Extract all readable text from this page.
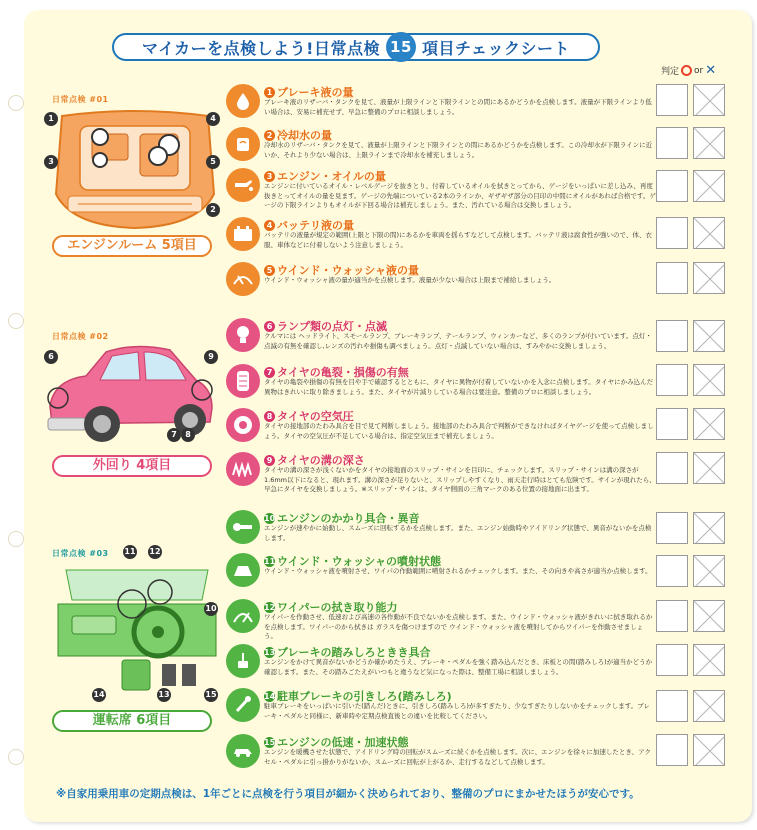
マイカーを点検しよう!日常点検 15 項目チェックシート
判定 ○ or ✕
日常点検 #01
1
3
4
5
2
エンジンルーム 5項目
日常点検 #02
6	9
7	8
外回り 4項目
日常点検 #03 11 12
10
14	13	15
運転席 6項目
1 ブレーキ液の量
ブレーキ液のリザーバ・タンクを見て、液量が上限ラインと下限ラインとの間にあるかどうかを点検します。液量が下限ラインより低い場合は、安易に補充せず、早急に整備のプロに相談しましょう。
2 冷却水の量
冷却水のリザーバ・タンクを見て、液量が上限ラインと下限ラインとの間にあるかどうかを点検します。この冷却水が下限ラインに近いか、それより少ない場合は、上限ラインまで冷却水を補充しましょう。
3 エンジン・オイルの量
エンジンに付いているオイル・レベルゲージを抜きとり、付着しているオイルを拭きとってから、ゲージをいっぱいに差し込み、再度抜きとってオイルの量を見ます。ゲージの先端についている2本のラインか、ギザギザ部分の目印の中間にオイルがあれば合格です。ゲージの下限ラインよりもオイルが下回る場合は補充しましょう。また、汚れている場合は交換しましょう。
4 バッテリ液の量
バッテリの液量が規定の範囲(上限と下限の間)にあるかを車両を揺らすなどして点検します。バッテリ液は腐食性が強いので、体、衣服、車体などに付着しないよう注意しましょう。
5 ウインド・ウォッシャ液の量
ウインド・ウォッシャ液の量が適当かを点検します。液量が少ない場合は上限まで補給しましょう。
6 ランプ類の点灯・点滅
クルマには ヘッドライト、スモールランプ、ブレーキランプ、テールランプ、ウィンカーなど、多くのランプが付いています。点灯・点滅の有無を確認し,レンズの汚れや損傷も調べましょう。点灯・点滅していない場合は、すみやかに交換しましょう。
7 タイヤの亀裂・損傷の有無
タイヤの亀裂や損傷の有無を目や手で確認するとともに、タイヤに異物が付着していないかを入念に点検します。タイヤにかみ込んだ異物はきれいに取り除きましょう。また、タイヤが片減りしている場合は要注意。整備のプロに相談しましょう。
8 タイヤの空気圧
タイヤの接地部のたわみ具合を目で見て判断しましょう。接地部のたわみ具合で判断ができなければタイヤゲージを使って点検しましょう。タイヤの空気圧が不足している場合は、指定空気圧まで補充しましょう。
9 タイヤの溝の深さ
タイヤの溝の深さが浅くないかをタイヤの接地面のスリップ・サインを目印に、チェックします。スリップ・サインは溝の深さが1.6mm以下になると、現れます。溝の深さが足りないと、スリップしやすくなり、雨天走行時はとても危険です。サインが現れたら、早急にタイヤを交換しましょう。※スリップ・サインは、タイヤ側面の三角マークのある位置の接地面に出ます。
10 エンジンのかかり具合・異音
エンジンが速やかに始動し、スムーズに回転するかを点検します。また、エンジン始動時やアイドリング状態で、異音がないかを点検します。
11 ウインド・ウォッシャの噴射状態
ウインド・ウォッシャ液を噴射させ、ワイパの作動範囲に噴射されるかチェックします。また、その向きや高さが適当か点検します。
12 ワイパーの拭き取り能力
ワイパーを作動させ、低速および高速の各作動が不良でないかを点検します。また、ウインド・ウォッシャ液がきれいに拭き取れるかを点検します。ワイパーのから拭きは ガラスを傷つけますので ウインド・ウォッシャ液を噴射してからワイパーを作動させましょう。
13 ブレーキの踏みしろときき具合
エンジンをかけて異音がないかどうか確かめたうえ、ブレーキ・ペダルを強く踏み込んだとき、床板との間(踏みしろ)が適当かどうか確認します。また、その踏みごたえがいつもと違うなど気になった際は、整備工場に相談しましょう。
14 駐車ブレーキの引きしろ(踏みしろ)
駐車ブレーキをいっぱいに引いた(踏んだ)ときに、引きしろ(踏みしろ)が多すぎたり、少なすぎたりしないかをチェックします。ブレーキ・ペダルと同様に、新車時や定期点検直後との違いを比較してください。
15 エンジンの低速・加速状態
エンジンを暖機させた状態で、アイドリング時の回転がスムーズに続くかを点検します。次に、エンジンを徐々に加速したとき、アクセル・ペダルに引っ掛かりがないか、スムーズに回転が上がるか、走行するなどして点検します。
※自家用乗用車の定期点検は、1年ごとに点検を行う項目が細かく決められており、整備のプロにまかせたほうが安心です。
